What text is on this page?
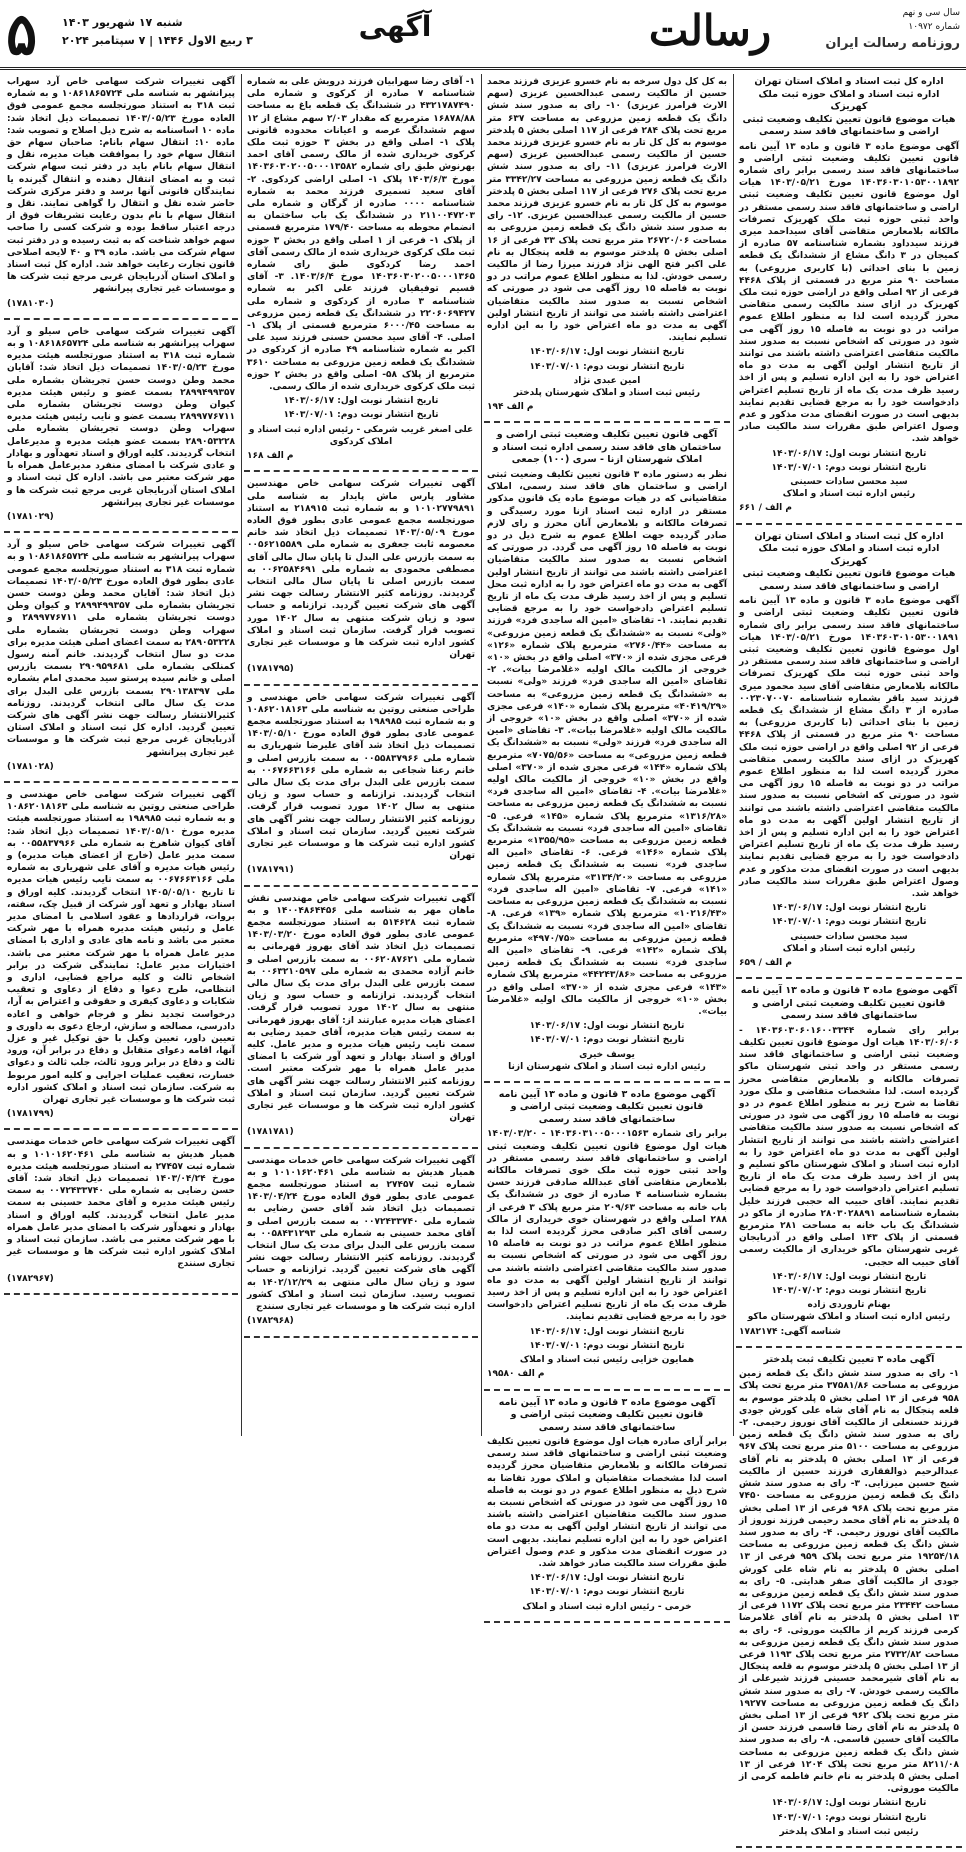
۵ شنبه ۱۷ شهریور ۱۴۰۳
۳ ربیع الاول ۱۴۴۶ | ۷ سپتامبر ۲۰۲۴	آگهی	رسالت	سال سی و نهم
شماره ۱۰۹۷۲
روزنامه رسالت ایران

اداره کل ثبت اسناد و املاک استان تهران
اداره ثبت اسناد و املاک حوزه ثبت ملک کهریزک
هیات موضوع قانون تعیین تکلیف وضعیت ثبتی اراضی و ساختمانهای فاقد سند رسمی

آگهی موضوع ماده ۳ قانون و ماده ۱۳ آیین نامه قانون تعیین تکلیف وضعیت ثبتی اراضی و ساختمانهای فاقد سند رسمی برابر رای شماره ۱۴۰۳۶۰۳۰۱۰۵۳۰۰۱۸۹۲ مورخ ۱۴۰۳/۰۵/۲۱ هیات اول موضوع قانون تعیین تکلیف وضعیت ثبتی اراضی و ساختمانهای فاقد سند رسمی مستقر در واحد ثبتی حوزه ثبت ملک کهریزک تصرفات مالکانه بلامعارض متقاضی آقای سیداحمد میری فرزند سیدداود بشماره شناسنامه ۵۷ صادره از کمیجان در ۳ دانگ مشاع از ششدانگ یک قطعه زمین با بنای احداثی (با کاربری مزروعی) به مساحت ۹۰ متر مربع در قسمتی از پلاک ۴۴۶۸ فرعی از ۹۲ اصلی واقع در اراضی حوزه ثبت ملک کهریزک در ازای سند مالکیت رسمی متقاضی محرز گردیده است لذا به منظور اطلاع عموم مراتب در دو نوبت به فاصله ۱۵ روز آگهی می شود در صورتی که اشخاص نسبت به صدور سند مالکیت متقاضی اعتراضی داشته باشند می توانند از تاریخ انتشار اولین آگهی به مدت دو ماه اعتراض خود را به این اداره تسلیم و پس از اخذ رسید ظرف مدت یک ماه از تاریخ تسلیم اعتراض دادخواست خود را به مرجع قضایی تقدیم نمایند بدیهی است در صورت انقضای مدت مذکور و عدم وصول اعتراض طبق مقررات سند مالکیت صادر خواهد شد.

تاریخ انتشار نوبت اول: ۱۴۰۳/۰۶/۱۷

تاریخ انتشار نوبت دوم: ۱۴۰۳/۰۷/۰۱

سید محسن سادات حسینی
رئیس اداره ثبت اسناد و املاک

م الف / ۶۶۱

اداره کل ثبت اسناد و املاک استان تهران
اداره ثبت اسناد و املاک حوزه ثبت ملک کهریزک
هیات موضوع قانون تعیین تکلیف وضعیت ثبتی اراضی و ساختمانهای فاقد سند رسمی

آگهی موضوع ماده ۳ قانون و ماده ۱۳ آیین نامه قانون تعیین تکلیف وضعیت ثبتی اراضی و ساختمانهای فاقد سند رسمی برابر رای شماره ۱۴۰۳۶۰۳۰۱۰۵۳۰۰۱۸۹۱ مورخ ۱۴۰۳/۰۵/۲۱ هیات اول موضوع قانون تعیین تکلیف وضعیت ثبتی اراضی و ساختمانهای فاقد سند رسمی مستقر در واحد ثبتی حوزه ثبت ملک کهریزک تصرفات مالکانه بلامعارض متقاضی آقای سید محمود میری فرزند سید باقر بشماره شناسنامه ۰۰۲۳۰۷۰۰۷۰ صادره از ۳ دانگ مشاع از ششدانگ یک قطعه زمین با بنای احداثی (با کاربری مزروعی) به مساحت ۹۰ متر مربع در قسمتی از پلاک ۴۴۶۸ فرعی از ۹۲ اصلی واقع در اراضی حوزه ثبت ملک کهریزک در ازای سند مالکیت رسمی متقاضی محرز گردیده است لذا به منظور اطلاع عموم مراتب در دو نوبت به فاصله ۱۵ روز آگهی می شود در صورتی که اشخاص نسبت به صدور سند مالکیت متقاضی اعتراضی داشته باشند می توانند از تاریخ انتشار اولین آگهی به مدت دو ماه اعتراض خود را به این اداره تسلیم و پس از اخذ رسید ظرف مدت یک ماه از تاریخ تسلیم اعتراض دادخواست خود را به مرجع قضایی تقدیم نمایند بدیهی است در صورت انقضای مدت مذکور و عدم وصول اعتراض طبق مقررات سند مالکیت صادر خواهد شد.

تاریخ انتشار نوبت اول: ۱۴۰۳/۰۶/۱۷

تاریخ انتشار نوبت دوم: ۱۴۰۳/۰۷/۰۱

سید محسن سادات حسینی
رئیس اداره ثبت اسناد و املاک

م الف / ۶۵۹

آگهی موضوع ماده ۳ قانون و ماده ۱۳ آیین نامه قانون تعیین تکلیف وضعیت ثبتی اراضی و ساختمانهای فاقد سند رسمی

برابر رای شماره ۱۴۰۳۶۰۳۰۶۰۱۶۰۰۳۳۴۴ - ۱۴۰۳/۰۶/۰۶ هیات اول موضوع قانون تعیین تکلیف وضعیت ثبتی اراضی و ساختمانهای فاقد سند رسمی مستقر در واحد ثبتی شهرستان ماکو تصرفات مالکانه و بلامعارض متقاضی محرز گردیده است. لذا مشخصات متقاضی و ملک مورد تقاضا به شرح زیر به منظور اطلاع عموم در دو نوبت به فاصله ۱۵ روز آگهی می شود در صورتی که اشخاص نسبت به صدور سند مالکیت متقاضی اعتراضی داشته باشند می توانند از تاریخ انتشار اولین آگهی به مدت دو ماه اعتراض خود را به اداره ثبت اسناد و املاک شهرستان ماکو تسلیم و پس از اخذ رسید ظرف مدت یک ماه از تاریخ تسلیم اعتراض دادخواست خود را به مرجع قضایی تقدیم نمایند. آقای حبیب اله حجبی فرزند خلیل بشماره شناسنامه ۲۸۰۳۰۲۸۸۹۱ صادره از ماکو در ششدانگ یک باب خانه به مساحت ۲۸۱ مترمربع قسمتی از پلاک ۱۴۳ اصلی واقع در آذربایجان غربی شهرستان ماکو خریداری از مالکیت رسمی آقای حبیب اله حجبی.

تاریخ انتشار نوبت اول: ۱۴۰۳/۰۶/۱۷

تاریخ انتشار نوبت دوم: ۱۴۰۳/۰۷/۰۲

بهنام تاروردی زاده
رئیس اداره ثبت اسناد و املاک شهرستان ماکو

شناسه آگهی: ۱۷۸۲۱۷۴

آگهی ماده ۳ تعیین تکلیف ثبت پلدختر

۱- رای به صدور سند شش دانگ یک قطعه زمین مزروعی به مساحت ۳۷۵۸۱/۸۶ متر مربع تحت پلاک ۹۵۸ فرعی از ۱۳ اصلی بخش ۵ پلدختر موسوم به قلعه پنجکال به نام آقای شاه علی کورش جودی فرزند حسنعلی از مالکیت آقای نوروز رحیمی. ۲- رای به صدور سند شش دانگ یک قطعه زمین مزروعی به مساحت ۵۱۰۰ متر مربع تحت پلاک ۹۶۷ فرعی از ۱۳ اصلی بخش ۵ پلدختر به نام آقای عبدالرحیم ذوالفقاری فرزند حسین از مالکیت شیخ حسین میرزایی. ۳- رای به صدور سند شش دانگ یک قطعه زمین مزروعی به مساحت ۷۴۵۰ متر مربع تحت پلاک ۹۶۸ فرعی از ۱۳ اصلی بخش ۵ پلدختر به نام آقای محمد رحیمی فرزند نوروز از مالکیت آقای نوروز رحیمی. ۴- رای به صدور سند شش دانگ یک قطعه زمین مزروعی به مساحت ۱۹۲۵۴/۱۸ متر مربع تحت پلاک ۹۵۹ فرعی از ۱۳ اصلی بخش ۵ پلدختر به نام شاه علی کورش جودی از مالکیت آقای صفر هدایتی. ۵- رای به صدور سند شش دانگ یک قطعه زمین مزروعی به مساحت ۲۳۴۴۲ متر مربع تحت پلاک ۱۱۷۲ فرعی از ۱۳ اصلی بخش ۵ پلدختر به نام آقای غلامرضا کرمی فرزند کریم از مالکیت موروثی. ۶- رای به صدور سند شش دانگ یک قطعه زمین مزروعی به مساحت ۲۷۳۲/۸۲ متر مربع تحت پلاک ۱۱۹۳ فرعی از ۱۳ اصلی بخش ۵ پلدختر موسوم به قلعه پنجکال به نام آقای شیرمحمد حسینی فرزند شیرعلی از مالکیت رسمی خودش. ۷- رای به صدور سند شش دانگ یک قطعه زمین مزروعی به مساحت ۱۹۲۷۷ متر مربع تحت پلاک ۹۶۲ فرعی از ۱۳ اصلی بخش ۵ پلدختر به نام آقای رضا قاسمی فرزند حسن از مالکیت آقای حسین قاسمی. ۸- رای به صدور سند شش دانگ یک قطعه زمین مزروعی به مساحت ۸۲۱۱/۰۸ متر مربع تحت پلاک ۱۲۰۴ فرعی از ۱۳ اصلی بخش ۵ پلدختر به نام خانم فاطمه کرمی از مالکیت موروثی.

تاریخ انتشار نوبت اول: ۱۴۰۳/۰۶/۱۷

تاریخ انتشار نوبت دوم: ۱۴۰۳/۰۷/۰۱

رئیس ثبت اسناد و املاک پلدختر

به کل کل دول سرخه به نام خسرو عزیزی فرزند محمد حسین از مالکیت رسمی عبدالحسین عزیزی (سهم الارث فرامرز عزیزی) ۱۰- رای به صدور سند شش دانگ یک قطعه زمین مزروعی به مساحت ۶۳۷ متر مربع تحت پلاک ۲۸۴ فرعی از ۱۱۷ اصلی بخش ۵ پلدختر موسوم به کل کل تار به نام خسرو عزیزی فرزند محمد حسین از مالکیت رسمی عبدالحسین عزیزی (سهم الارث فرامرز عزیزی) ۱۱- رای به صدور سند شش دانگ یک قطعه زمین مزروعی به مساحت ۳۳۴۲/۲۷ متر مربع تحت پلاک ۲۷۶ فرعی از ۱۱۷ اصلی بخش ۵ پلدختر موسوم به کل کل تار به نام خسرو عزیزی فرزند محمد حسین از مالکیت رسمی عبدالحسین عزیزی. ۱۲- رای به صدور سند شش دانگ یک قطعه زمین مزروعی به مساحت ۲۶۷۲۰/۰۶ متر مربع تحت پلاک ۳۳ فرعی از ۱۶ اصلی بخش ۵ پلدختر موسوم به قلعه پنجکال به نام علی اکبر فتح الهی نژاد فرزند میرزا رضا از مالکیت رسمی خودش. لذا به منظور اطلاع عموم مراتب در دو نوبت به فاصله ۱۵ روز آگهی می شود در صورتی که اشخاص نسبت به صدور سند مالکیت متقاضیان اعتراضی داشته باشند می توانند از تاریخ انتشار اولین آگهی به مدت دو ماه اعتراض خود را به این اداره تسلیم نمایند.

تاریخ انتشار نوبت اول: ۱۴۰۳/۰۶/۱۷

تاریخ انتشار نوبت دوم: ۱۴۰۳/۰۷/۰۱

امین عبدی نژاد
رئیس ثبت اسناد و املاک شهرستان پلدختر

م الف ۱۹۴

آگهی قانون تعیین تکلیف وضعیت ثبتی اراضی و ساختمان های فاقد سند رسمی اداره ثبت اسناد و املاک شهرستان ازنا - سری (۱۰۰) جمعی

نظر به دستور ماده ۳ قانون تعیین تکلیف وضعیت ثبتی اراضی و ساختمان های فاقد سند رسمی، املاک متقاضیانی که در هیات موضوع ماده یک قانون مذکور مستقر در اداره ثبت اسناد ازنا مورد رسیدگی و تصرفات مالکانه و بلامعارض آنان محرز و رای لازم صادر گردیده جهت اطلاع عموم به شرح ذیل در دو نوبت به فاصله ۱۵ روز آگهی می گردد. در صورتی که اشخاص نسبت به صدور سند مالکیت متقاضیان اعتراضی داشته باشند می توانند از تاریخ انتشار اولین آگهی به مدت دو ماه اعتراض خود را به اداره ثبت محل تسلیم و پس از اخذ رسید ظرف مدت یک ماه از تاریخ تسلیم اعتراض دادخواست خود را به مرجع قضایی تقدیم نمایند. ۱- تقاضای «امین اله ساجدی فرد» فرزند «ولی» نسبت به «ششدانگ یک قطعه زمین مزروعی» به مساحت «۲۷۶۰/۴۴» مترمربع پلاک شماره «۱۲۶» فرعی مجزی شده از «۳۷۰» اصلی واقع در بخش «۱۰» خروجی از مالکیت مالک اولیه «غلامرضا بیات». ۲- تقاضای «امین اله ساجدی فرد» فرزند «ولی» نسبت به «ششدانگ یک قطعه زمین مزروعی» به مساحت «۴۰۴۱۹/۲۹» مترمربع پلاک شماره «۱۴۰» فرعی مجزی شده از «۳۷۰» اصلی واقع در بخش «۱۰» خروجی از مالکیت مالک اولیه «غلامرضا بیات». ۳- تقاضای «امین اله ساجدی فرد» فرزند «ولی» نسبت به «ششدانگ یک قطعه زمین مزروعی» به مساحت «۷۰۷۵/۵۶» مترمربع پلاک شماره «۱۴۴» فرعی مجزی شده از «۳۷۰» اصلی واقع در بخش «۱۰» خروجی از مالکیت مالک اولیه «غلامرضا بیات». ۴- تقاضای «امین اله ساجدی فرد» نسبت به ششدانگ یک قطعه زمین مزروعی به مساحت «۱۳۱۶/۲۸» مترمربع پلاک شماره «۱۴۵» فرعی. ۵- تقاضای «امین اله ساجدی فرد» نسبت به ششدانگ یک قطعه زمین مزروعی به مساحت «۱۳۵۵/۹۵» مترمربع پلاک شماره «۱۴۶» فرعی. ۶- تقاضای «امین اله ساجدی فرد» نسبت به ششدانگ یک قطعه زمین مزروعی به مساحت «۳۱۳۴/۲۰» مترمربع پلاک شماره «۱۴۱» فرعی. ۷- تقاضای «امین اله ساجدی فرد» نسبت به ششدانگ یک قطعه زمین مزروعی به مساحت «۱۰۲۱۶/۴۳» مترمربع پلاک شماره «۱۳۹» فرعی. ۸- تقاضای «امین اله ساجدی فرد» نسبت به ششدانگ یک قطعه زمین مزروعی به مساحت «۴۹۷۰/۷۵» مترمربع پلاک شماره «۱۴۲» فرعی. ۹- تقاضای «امین اله ساجدی فرد» نسبت به ششدانگ یک قطعه زمین مزروعی به مساحت «۴۴۲۴۳/۸۶» مترمربع پلاک شماره «۱۴۳» فرعی مجزی شده از «۳۷۰» اصلی واقع در بخش «۱۰» خروجی از مالکیت مالک اولیه «غلامرضا بیات».

تاریخ انتشار نوبت اول: ۱۴۰۳/۰۶/۱۷

تاریخ انتشار نوبت دوم: ۱۴۰۳/۰۷/۰۱

یوسف خیری
رئیس اداره ثبت اسناد و املاک شهرستان ازنا

آگهی موضوع ماده ۳ قانون و ماده ۱۳ آیین نامه قانون تعیین تکلیف وضعیت ثبتی اراضی و ساختمانهای فاقد سند رسمی

برابر رای شماره ۱۴۰۳۶۰۳۱۰۰۵۰۰۰۱۵۶۳ - ۱۴۰۳/۰۳/۲۰ هیات اول موضوع قانون تعیین تکلیف وضعیت ثبتی اراضی و ساختمانهای فاقد سند رسمی مستقر در واحد ثبتی حوزه ثبت ملک خوی تصرفات مالکانه بلامعارض متقاضی آقای عبدالله صادقی فرزند حسن بشماره شناسنامه ۴ صادره از خوی در ششدانگ یک باب خانه به مساحت ۲۰۹/۶۳ متر مربع پلاک ۳ فرعی از ۲۸۸ اصلی واقع در شهرستان خوی خریداری از مالک رسمی آقای اکبر صادقی محرز گردیده است لذا به منظور اطلاع عموم مراتب در دو نوبت به فاصله ۱۵ روز آگهی می شود در صورتی که اشخاص نسبت به صدور سند مالکیت متقاضی اعتراضی داشته باشند می توانند از تاریخ انتشار اولین آگهی به مدت دو ماه اعتراض خود را به این اداره تسلیم و پس از اخذ رسید ظرف مدت یک ماه از تاریخ تسلیم اعتراض دادخواست خود را به مرجع قضایی تقدیم نمایند.

تاریخ انتشار نوبت اول: ۱۴۰۳/۰۶/۱۷

تاریخ انتشار نوبت دوم: ۱۴۰۳/۰۷/۰۱

همایون خزایی رئیس ثبت اسناد و املاک

م الف ۱۹۵۸۰

آگهی موضوع ماده ۳ قانون و ماده ۱۳ آیین نامه قانون تعیین تکلیف وضعیت ثبتی اراضی و ساختمانهای فاقد سند رسمی

برابر آرای صادره هیات اول موضوع قانون تعیین تکلیف وضعیت ثبتی اراضی و ساختمانهای فاقد سند رسمی تصرفات مالکانه و بلامعارض متقاضیان محرز گردیده است لذا مشخصات متقاضیان و املاک مورد تقاضا به شرح ذیل به منظور اطلاع عموم در دو نوبت به فاصله ۱۵ روز آگهی می شود در صورتی که اشخاص نسبت به صدور سند مالکیت متقاضیان اعتراضی داشته باشند می توانند از تاریخ انتشار اولین آگهی به مدت دو ماه اعتراض خود را به این اداره تسلیم نمایند. بدیهی است در صورت انقضای مدت مذکور و عدم وصول اعتراض طبق مقررات سند مالکیت صادر خواهد شد.

تاریخ انتشار نوبت اول: ۱۴۰۳/۰۶/۱۷

تاریخ انتشار نوبت دوم: ۱۴۰۳/۰۷/۰۱

خرمی - رئیس اداره ثبت اسناد و املاک

۱- آقای رضا سهرابیان فرزند درویش علی به شماره شناسنامه ۷ صادره از کرکوی و شماره ملی ۴۳۲۱۷۸۷۴۹۰ در ششدانگ یک قطعه باغ به مساحت ۱۶۸۷۸/۸۸ مترمربع که مقدار ۲/۰۳ سهم مشاع از ۱۲ سهم ششدانگ عرصه و اعیانات محدوده قانونی پلاک ۱- اصلی واقع در بخش ۳ حوزه ثبت ملک کرکوی خریداری شده از مالک رسمی آقای احمد بهرنوش طبق رای شماره ۱۴۰۳۶۰۳۰۲۰۰۵۰۰۰۱۳۵۸۲ مورخ ۱۴۰۳/۶/۳ پلاک ۱- اصلی اراضی کردکوی. ۲- آقای سعید تسمیری فرزند محمد به شماره شناسنامه ۰۰۰۰ صادره از گرگان و شماره ملی ۲۱۱۰۰۴۷۲۰۳ در ششدانگ یک باب ساختمان به انضمام محوطه به مساحت ۱۷۹/۴۰ مترمربع قسمتی از پلاک ۱- فرعی از ۱ اصلی واقع در بخش ۳ حوزه ثبت ملک کرکوی خریداری شده از مالک رسمی آقای احمد رضا کردکوی طبق رای شماره ۱۴۰۳۶۰۳۰۲۰۰۵۰۰۰۱۳۶۵ مورخ ۱۴۰۳/۶/۴. ۳- آقای قسیم توفیقیان فرزند علی اکبر به شماره شناسنامه ۳ صادره از کردکوی و شماره ملی ۲۲۰۶۰۶۹۴۲۷ در ششدانگ یک قطعه زمین مزروعی به مساحت ۶۰۰۰/۴۵ مترمربع قسمتی از پلاک ۱- اصلی. ۴- آقای سید محسن حسنی فرزند سید علی اکبر به شماره شناسنامه ۴۹ صادره از کردکوی در ششدانگ یک قطعه زمین مزروعی به مساحت ۳۶۱۰ مترمربع از پلاک ۵۸- اصلی واقع در بخش ۲ حوزه ثبت ملک کرکوی خریداری شده از مالک رسمی.

تاریخ انتشار نوبت اول: ۱۴۰۳/۰۶/۱۷

تاریخ انتشار نوبت دوم: ۱۴۰۳/۰۷/۰۱

علی اصغر غریب شرمکی - رئیس اداره ثبت اسناد و املاک کردکوی

م الف ۱۶۸

آگهی تغییرات شرکت سهامی خاص مهندسین مشاور پارس ماش پایدار به شناسه ملی ۱۰۱۰۲۷۷۹۸۹۱ و به شماره ثبت ۲۱۸۹۱۵ به استناد صورتجلسه مجمع عمومی عادی بطور فوق العاده مورخ ۱۴۰۳/۰۵/۰۹ تصمیمات ذیل اتخاذ شد خانم معصومه ثابت جعفری به شماره ملی ۰۰۵۶۲۱۵۵۸۹ به سمت بازرس علی البدل تا پایان سال مالی آقای مصطفی محمودی به شماره ملی ۰۰۶۲۵۸۴۶۹۱ به سمت بازرس اصلی تا پایان سال مالی انتخاب گردیدند. روزنامه کثیر الانتشار رسالت جهت نشر آگهی های شرکت تعیین گردید. ترازنامه و حساب سود و زیان شرکت منتهی به سال ۱۴۰۲ مورد تصویب قرار گرفت. سازمان ثبت اسناد و املاک کشور اداره ثبت شرکت ها و موسسات غیر تجاری تهران

(۱۷۸۱۷۹۵)

آگهی تغییرات شرکت سهامی خاص مهندسی و طراحی صنعتی روتین به شناسه ملی ۱۰۸۶۲۰۱۸۱۶۳ و به شماره ثبت ۱۹۸۹۸۵ به استناد صورتجلسه مجمع عمومی عادی بطور فوق العاده مورخ ۱۴۰۳/۰۵/۱۰ تصمیمات ذیل اتخاذ شد آقای علیرضا شهریاری به شماره ملی ۰۰۵۵۸۳۷۹۶۶ به سمت بازرس اصلی و خانم رعنا شجاعی به شماره ملی ۰۰۶۷۶۶۳۱۶۶ به سمت بازرس علی البدل برای مدت یک سال مالی انتخاب گردیدند. ترازنامه و حساب سود و زیان منتهی به سال ۱۴۰۲ مورد تصویب قرار گرفت. روزنامه کثیر الانتشار رسالت جهت نشر آگهی های شرکت تعیین گردید. سازمان ثبت اسناد و املاک کشور اداره ثبت شرکت ها و موسسات غیر تجاری تهران

(۱۷۸۱۷۹۱)

آگهی تغییرات شرکت سهامی خاص مهندسی نقش ماهان مهر به شناسه ملی ۱۴۰۰۴۸۶۴۴۵۶ و به شماره ثبت ۵۱۴۶۲۸ به استناد صورتجلسه مجمع عمومی عادی بطور فوق العاده مورخ ۱۴۰۳/۰۳/۲۰ تصمیمات ذیل اتخاذ شد آقای بهروز قهرمانی به شماره ملی ۰۰۶۲۰۸۷۶۲۱ به سمت بازرس اصلی و خانم آزاده محمدی به شماره ملی ۰۰۶۳۲۱۰۵۹۷ به سمت بازرس علی البدل برای مدت یک سال مالی انتخاب گردیدند. ترازنامه و حساب سود و زیان منتهی به سال ۱۴۰۲ مورد تصویب قرار گرفت. اعضای هیات مدیره عبارتند از: آقای بهروز قهرمانی به سمت رئیس هیات مدیره، آقای حمید رضایی به سمت نایب رئیس هیات مدیره و مدیر عامل. کلیه اوراق و اسناد بهادار و تعهد آور شرکت با امضای مدیر عامل همراه با مهر شرکت معتبر است. روزنامه کثیر الانتشار رسالت جهت نشر آگهی های شرکت تعیین گردید. سازمان ثبت اسناد و املاک کشور اداره ثبت شرکت ها و موسسات غیر تجاری تهران

(۱۷۸۱۷۸۱)

آگهی تغییرات شرکت سهامی خاص خدمات مهندسی همیار هدیش به شناسه ملی ۱۰۱۰۱۶۲۰۴۶۱ و به شماره ثبت ۲۷۴۵۷ به استناد صورتجلسه مجمع عمومی عادی بطور فوق العاده مورخ ۱۴۰۳/۰۴/۲۴ تصمیمات ذیل اتخاذ شد آقای حسن رضایی به شماره ملی ۰۰۷۲۴۳۳۷۴۰ به سمت بازرس اصلی و آقای محمد حسینی به شماره ملی ۰۰۵۸۴۳۱۲۹۳ به سمت بازرس علی البدل برای مدت یک سال انتخاب گردیدند. روزنامه کثیر الانتشار رسالت جهت نشر آگهی های شرکت تعیین گردید. ترازنامه و حساب سود و زیان سال مالی منتهی به ۱۴۰۲/۱۲/۲۹ به تصویب رسید. سازمان ثبت اسناد و املاک کشور اداره ثبت شرکت ها و موسسات غیر تجاری سنندج

(۱۷۸۲۹۶۸)

آگهی تغییرات شرکت سهامی خاص آرد سهراب پیرانشهر به شناسه ملی ۱۰۸۶۱۸۶۵۷۲۴ و به شماره ثبت ۳۱۸ به استناد صورتجلسه مجمع عمومی فوق العاده مورخ ۱۴۰۳/۰۵/۲۳ تصمیمات ذیل اتخاذ شد: ماده ۱۰ اساسنامه به شرح ذیل اصلاح و تصویب شد: ماده ۱۰: انتقال سهام بانام: صاحبان سهام حق انتقال سهام خود را بموافقت هیات مدیره، نقل و انتقال سهام بانام باید در دفتر ثبت سهام شرکت ثبت و به امضای انتقال دهنده و انتقال گیرنده یا نمایندگان قانونی آنها برسد و دفتر مرکزی شرکت حاضر شده نقل و انتقال را گواهی نمایند. نقل و انتقال سهام با نام بدون رعایت تشریفات فوق از درجه اعتبار ساقط بوده و شرکت کسی را صاحب سهم خواهد شناخت که به ثبت رسیده و در دفتر ثبت سهام شرکت می باشد. ماده ۳۹ و ۴۰ لایحه اصلاحی قانون تجارت رعایت خواهد شد. اداره کل ثبت اسناد و املاک استان آذربایجان غربی مرجع ثبت شرکت ها و موسسات غیر تجاری پیرانشهر

(۱۷۸۱۰۳۰)

آگهی تغییرات شرکت سهامی خاص سیلو و آرد سهراب پیرانشهر به شناسه ملی ۱۰۸۶۱۸۶۵۷۲۴ و به شماره ثبت ۳۱۸ به استناد صورتجلسه هیئت مدیره مورخ ۱۴۰۳/۰۵/۲۳ تصمیمات ذیل اتخاذ شد: آقایان محمد وطن دوست حسن تجریشان بشماره ملی ۲۸۹۹۴۹۹۳۵۷ بسمت عضو و رئیس هیئت مدیره کیوان وطن دوست تجریشان بشماره ملی ۲۸۹۹۷۷۶۷۱۱ بسمت عضو و نایب رئیس هیئت مدیره سهراب وطن دوست تجریشان بشماره ملی ۲۸۹۰۵۳۲۲۸ بسمت عضو هیئت مدیره و مدیرعامل انتخاب گردیدند. کلیه اوراق و اسناد تعهدآور و بهادار و عادی شرکت با امضای منفرد مدیرعامل همراه با مهر شرکت معتبر می باشد. اداره کل ثبت اسناد و املاک استان آذربایجان غربی مرجع ثبت شرکت ها و موسسات غیر تجاری پیرانشهر

(۱۷۸۱۰۲۹)

آگهی تغییرات شرکت سهامی خاص سیلو و آرد سهراب پیرانشهر به شناسه ملی ۱۰۸۶۱۸۶۵۷۲۴ و به شماره ثبت ۳۱۸ به استناد صورتجلسه مجمع عمومی عادی بطور فوق العاده مورخ ۱۴۰۳/۰۵/۲۳ تصمیمات ذیل اتخاذ شد: آقایان محمد وطن دوست حسن تجریشان بشماره ملی ۲۸۹۹۴۹۹۳۵۷ و کیوان وطن دوست تجریشان بشماره ملی ۲۸۹۹۷۷۶۷۱۱ و سهراب وطن دوست تجریشان بشماره ملی ۲۸۹۰۵۳۲۲۸ به سمت اعضای اصلی هیئت مدیره برای مدت دو سال انتخاب گردیدند. خانم آمنه رسول کمنلکی بشماره ملی ۲۹۰۹۵۹۶۸۱ بسمت بازرس اصلی و خانم سیده پرستو سید محمدی امام بشماره ملی ۲۹۰۱۳۸۳۹۷ بسمت بازرس علی البدل برای مدت یک سال مالی انتخاب گردیدند. روزنامه کثیرالانتشار رسالت جهت نشر آگهی های شرکت تعیین گردید. اداره کل ثبت اسناد و املاک استان آذربایجان غربی مرجع ثبت شرکت ها و موسسات غیر تجاری پیرانشهر

(۱۷۸۱۰۲۸)

آگهی تغییرات شرکت سهامی خاص مهندسی و طراحی صنعتی روتین به شناسه ملی ۱۰۸۶۲۰۱۸۱۶۳ و به شماره ثبت ۱۹۸۹۸۵ به استناد صورتجلسه هیئت مدیره مورخ ۱۴۰۳/۰۵/۱۰ تصمیمات ذیل اتخاذ شد: آقای کیوان شاهرخ به شماره ملی ۰۰۵۵۸۳۷۹۶۶ به سمت مدیر عامل (خارج از اعضای هیات مدیره) و رئیس هیات مدیره و آقای علی شهریاری به شماره ملی ۰۰۶۷۶۶۳۱۶۶ به سمت نایب رئیس هیات مدیره تا تاریخ ۱۴۰۵/۰۵/۱۰ انتخاب گردیدند. کلیه اوراق و اسناد بهادار و تعهد آور شرکت از قبیل چک، سفته، بروات، قراردادها و عقود اسلامی با امضای مدیر عامل و رئیس هیئت مدیره همراه با مهر شرکت معتبر می باشد و نامه های عادی و اداری با امضای مدیر عامل همراه با مهر شرکت معتبر می باشد. اختیارات مدیر عامل: نمایندگی شرکت در برابر اشخاص ثالث و کلیه مراجع قضایی، اداری و انتظامی، طرح دعوا و دفاع از دعاوی و تعقیب شکایات و دعاوی کیفری و حقوقی و اعتراض به آرا، درخواست تجدید نظر و فرجام خواهی و اعاده دادرسی، مصالحه و سازش، ارجاع دعوی به داوری و تعیین داور، تعیین وکیل با حق توکیل غیر و عزل آنها، اقامه دعوای متقابل و دفاع در برابر آن، ورود ثالث و دفاع در برابر ورود ثالث، جلب ثالث و دعوای خسارت، تعقیب عملیات اجرایی و کلیه امور مربوط به شرکت. سازمان ثبت اسناد و املاک کشور اداره ثبت شرکت ها و موسسات غیر تجاری تهران

(۱۷۸۱۷۹۹)

آگهی تغییرات شرکت سهامی خاص خدمات مهندسی همیار هدیش به شناسه ملی ۱۰۱۰۱۶۲۰۴۶۱ و به شماره ثبت ۲۷۴۵۷ به استناد صورتجلسه هیئت مدیره مورخ ۱۴۰۳/۰۴/۲۴ تصمیمات ذیل اتخاذ شد: آقای حسن رضایی به شماره ملی ۰۰۷۲۴۳۳۷۴۰ به سمت رئیس هیئت مدیره و آقای محمد حسینی به سمت مدیر عامل انتخاب گردیدند. کلیه اوراق و اسناد بهادار و تعهدآور شرکت با امضای مدیر عامل همراه با مهر شرکت معتبر می باشد. سازمان ثبت اسناد و املاک کشور اداره ثبت شرکت ها و موسسات غیر تجاری سنندج

(۱۷۸۲۹۶۷)
